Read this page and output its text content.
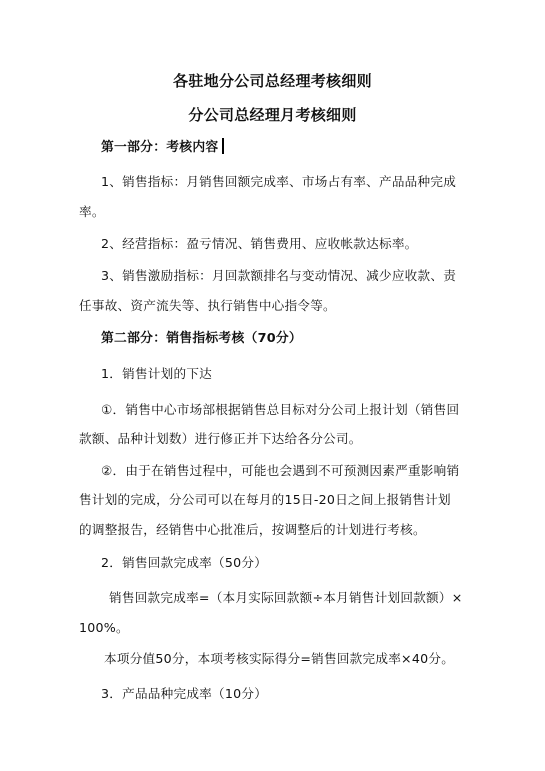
各驻地分公司总经理考核细则
分公司总经理月考核细则
第一部分：考核内容
1、销售指标：月销售回额完成率、市场占有率、产品品种完成
率。
2、经营指标：盈亏情况、销售费用、应收帐款达标率。
3、销售激励指标：月回款额排名与变动情况、减少应收款、责
任事故、资产流失等、执行销售中心指令等。
第二部分：销售指标考核（70分）
1．销售计划的下达
①．销售中心市场部根据销售总目标对分公司上报计划（销售回
款额、品种计划数）进行修正并下达给各分公司。
②．由于在销售过程中，可能也会遇到不可预测因素严重影响销
售计划的完成，分公司可以在每月的15日-20日之间上报销售计划
的调整报告，经销售中心批准后，按调整后的计划进行考核。
2．销售回款完成率（50分）
销售回款完成率=（本月实际回款额÷本月销售计划回款额）×
100%。
本项分值50分，本项考核实际得分=销售回款完成率×40分。
3．产品品种完成率（10分）
